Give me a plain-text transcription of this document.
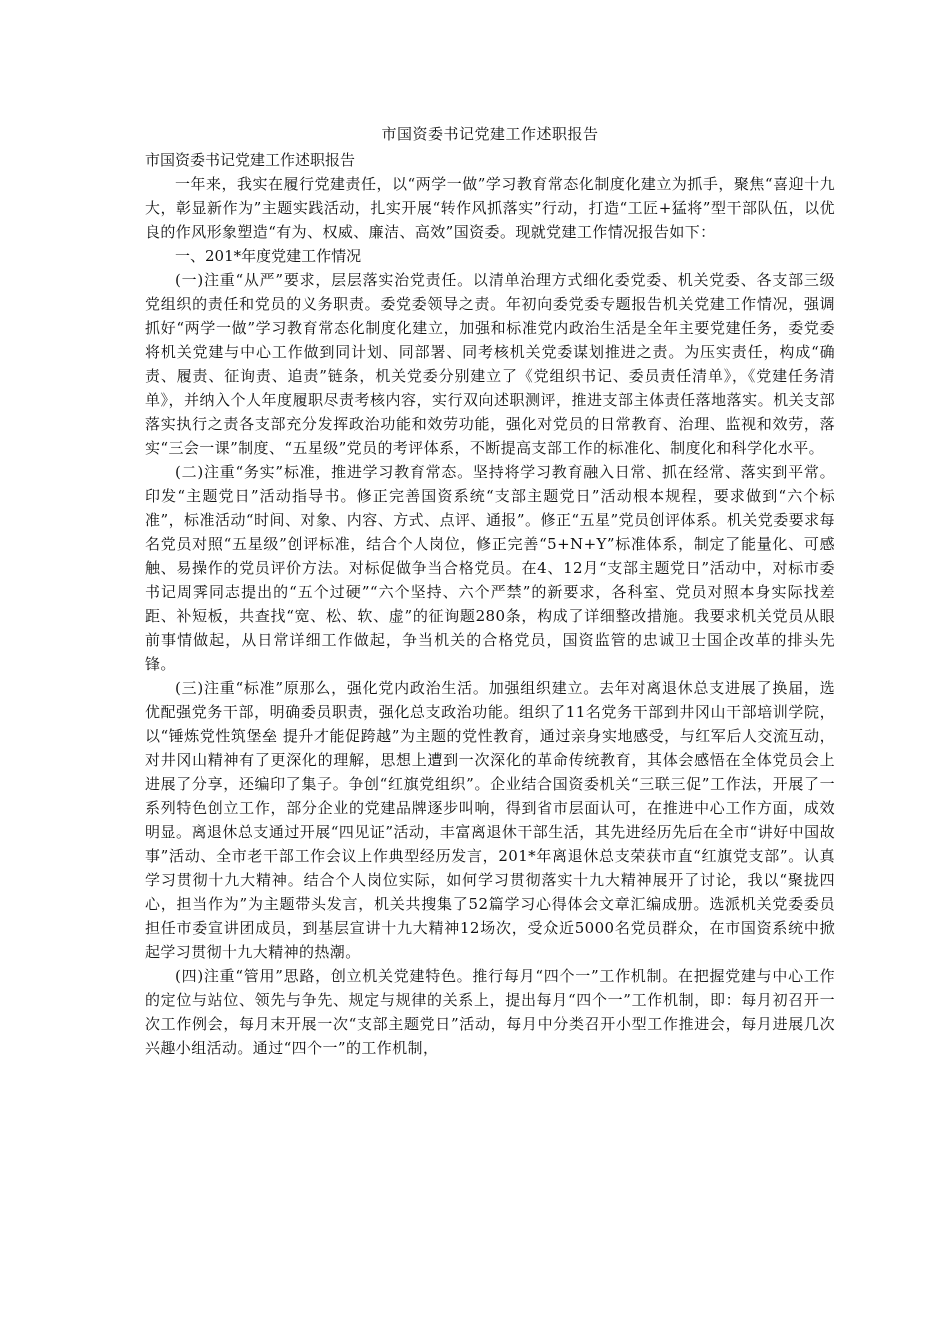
市国资委书记党建工作述职报告

市国资委书记党建工作述职报告

一年来，我实在履行党建责任，以“两学一做”学习教育常态化制度化建立为抓手，聚焦“喜迎十九大，彰显新作为”主题实践活动，扎实开展“转作风抓落实”行动，打造“工匠+猛将”型干部队伍，以优良的作风形象塑造“有为、权威、廉洁、高效”国资委。现就党建工作情况报告如下：

一、201*年度党建工作情况

(一)注重“从严”要求，层层落实治党责任。以清单治理方式细化委党委、机关党委、各支部三级党组织的责任和党员的义务职责。委党委领导之责。年初向委党委专题报告机关党建工作情况，强调抓好“两学一做”学习教育常态化制度化建立，加强和标准党内政治生活是全年主要党建任务，委党委将机关党建与中心工作做到同计划、同部署、同考核机关党委谋划推进之责。为压实责任，构成“确责、履责、征询责、追责”链条，机关党委分别建立了《党组织书记、委员责任清单》，《党建任务清单》，并纳入个人年度履职尽责考核内容，实行双向述职测评，推进支部主体责任落地落实。机关支部落实执行之责各支部充分发挥政治功能和效劳功能，强化对党员的日常教育、治理、监视和效劳，落实“三会一课”制度、“五星级”党员的考评体系，不断提高支部工作的标准化、制度化和科学化水平。

(二)注重“务实”标准，推进学习教育常态。坚持将学习教育融入日常、抓在经常、落实到平常。印发“主题党日”活动指导书。修正完善国资系统“支部主题党日”活动根本规程，要求做到“六个标准”，标准活动“时间、对象、内容、方式、点评、通报”。修正“五星”党员创评体系。机关党委要求每名党员对照“五星级”创评标准，结合个人岗位，修正完善“5+N+Y”标准体系，制定了能量化、可感触、易操作的党员评价方法。对标促做争当合格党员。在4、12月“支部主题党日”活动中，对标市委书记周霁同志提出的“五个过硬”“六个坚持、六个严禁”的新要求，各科室、党员对照本身实际找差距、补短板，共查找“宽、松、软、虚”的征询题280条，构成了详细整改措施。我要求机关党员从眼前事情做起，从日常详细工作做起，争当机关的合格党员，国资监管的忠诚卫士国企改革的排头先锋。

(三)注重“标准”原那么，强化党内政治生活。加强组织建立。去年对离退休总支进展了换届，选优配强党务干部，明确委员职责，强化总支政治功能。组织了11名党务干部到井冈山干部培训学院，以“锤炼党性筑堡垒 提升才能促跨越”为主题的党性教育，通过亲身实地感受，与红军后人交流互动，对井冈山精神有了更深化的理解，思想上遭到一次深化的革命传统教育，其体会感悟在全体党员会上进展了分享，还编印了集子。争创“红旗党组织”。企业结合国资委机关“三联三促”工作法，开展了一系列特色创立工作，部分企业的党建品牌逐步叫响，得到省市层面认可，在推进中心工作方面，成效明显。离退休总支通过开展“四见证”活动，丰富离退休干部生活，其先进经历先后在全市“讲好中国故事”活动、全市老干部工作会议上作典型经历发言，201*年离退休总支荣获市直“红旗党支部”。认真学习贯彻十九大精神。结合个人岗位实际，如何学习贯彻落实十九大精神展开了讨论，我以“聚拢四心，担当作为”为主题带头发言，机关共搜集了52篇学习心得体会文章汇编成册。选派机关党委委员担任市委宣讲团成员，到基层宣讲十九大精神12场次，受众近5000名党员群众，在市国资系统中掀起学习贯彻十九大精神的热潮。

(四)注重“管用”思路，创立机关党建特色。推行每月“四个一”工作机制。在把握党建与中心工作的定位与站位、领先与争先、规定与规律的关系上，提出每月“四个一”工作机制，即：每月初召开一次工作例会，每月末开展一次“支部主题党日”活动，每月中分类召开小型工作推进会，每月进展几次兴趣小组活动。通过“四个一”的工作机制，
